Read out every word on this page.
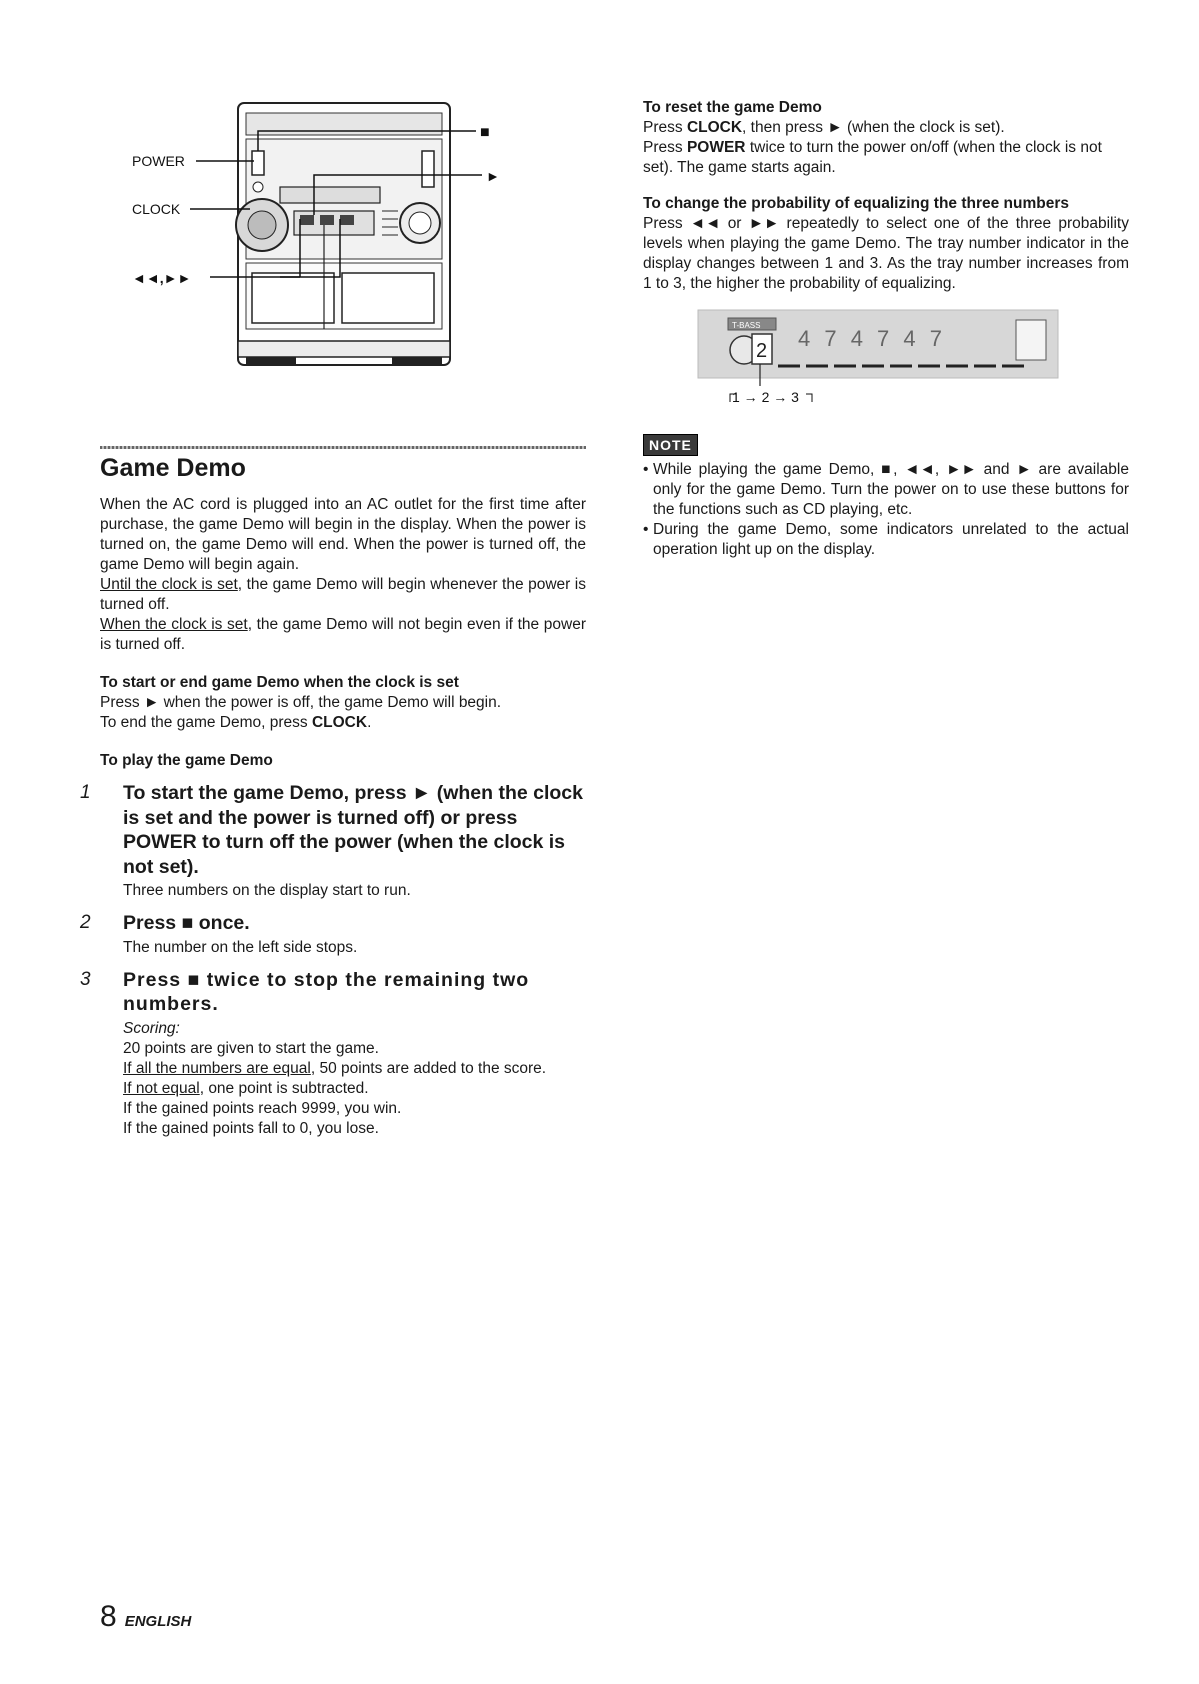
POWER
CLOCK
◄◄,►►
■
►
Game Demo

When the AC cord is plugged into an AC outlet for the first time after purchase, the game Demo will begin in the display. When the power is turned on, the game Demo will end. When the power is turned off, the game Demo will begin again.

Until the clock is set, the game Demo will begin whenever the power is turned off.

When the clock is set, the game Demo will not begin even if the power is turned off.

To start or end game Demo when the clock is set

Press ► when the power is off, the game Demo will begin.

To end the game Demo, press CLOCK.

To play the game Demo

1 To start the game Demo, press ► (when the clock is set and the power is turned off) or press POWER to turn off the power (when the clock is not set).

Three numbers on the display start to run.

2 Press ■ once.

The number on the left side stops.

3 Press ■ twice to stop the remaining two numbers.

Scoring:

20 points are given to start the game.

If all the numbers are equal, 50 points are added to the score.

If not equal, one point is subtracted.

If the gained points reach 9999, you win.

If the gained points fall to 0, you lose.

To reset the game Demo

Press CLOCK, then press ► (when the clock is set).

Press POWER twice to turn the power on/off (when the clock is not set). The game starts again.

To change the probability of equalizing the three numbers

Press ◄◄ or ►► repeatedly to select one of the three probability levels when playing the game Demo. The tray number indicator in the display changes between 1 and 3. As the tray number increases from 1 to 3, the higher the probability of equalizing.

T-BASS
2 4 7 4 7 4 7
1 → 2 → 3
NOTE

• While playing the game Demo, ■, ◄◄, ►► and ► are available only for the game Demo. Turn the power on to use these buttons for the functions such as CD playing, etc.

• During the game Demo, some indicators unrelated to the actual operation light up on the display.

8 ENGLISH
